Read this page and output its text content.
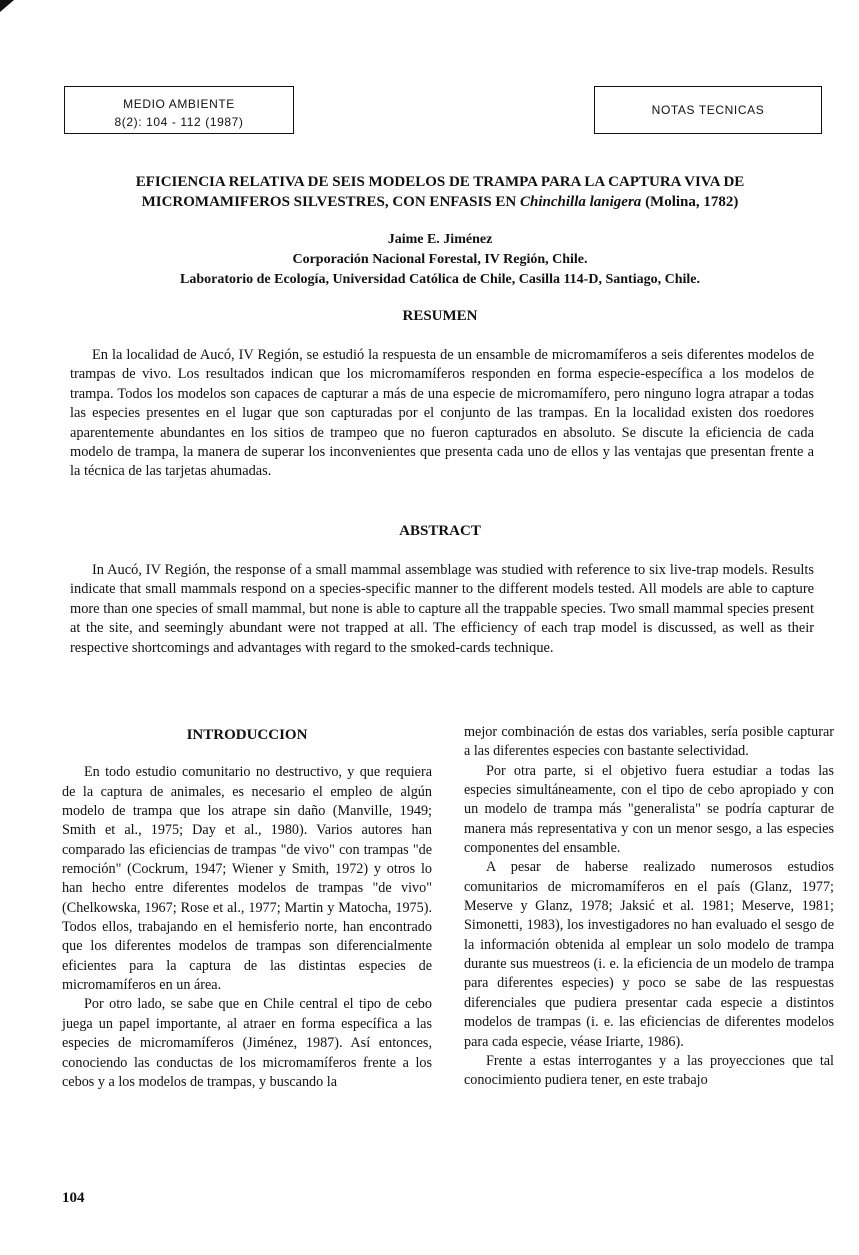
MEDIO AMBIENTE
8(2): 104 - 112 (1987)
NOTAS TECNICAS
EFICIENCIA RELATIVA DE SEIS MODELOS DE TRAMPA PARA LA CAPTURA VIVA DE
MICROMAMIFEROS SILVESTRES, CON ENFASIS EN Chinchilla lanigera (Molina, 1782)
Jaime E. Jiménez
Corporación Nacional Forestal, IV Región, Chile.
Laboratorio de Ecología, Universidad Católica de Chile, Casilla 114-D, Santiago, Chile.
RESUMEN

En la localidad de Aucó, IV Región, se estudió la respuesta de un ensamble de micromamíferos a seis diferentes modelos de trampas de vivo. Los resultados indican que los micromamíferos responden en forma especie-específica a los modelos de trampa. Todos los modelos son capaces de capturar a más de una especie de micromamífero, pero ninguno logra atrapar a todas las especies presentes en el lugar que son capturadas por el conjunto de las trampas. En la localidad existen dos roedores aparentemente abundantes en los sitios de trampeo que no fueron capturados en absoluto. Se discute la eficiencia de cada modelo de trampa, la manera de superar los inconvenientes que presenta cada uno de ellos y las ventajas que presentan frente a la técnica de las tarjetas ahumadas.

ABSTRACT

In Aucó, IV Región, the response of a small mammal assemblage was studied with reference to six live-trap models. Results indicate that small mammals respond on a species-specific manner to the different models tested. All models are able to capture more than one species of small mammal, but none is able to capture all the trappable species. Two small mammal species present at the site, and seemingly abundant were not trapped at all. The efficiency of each trap model is discussed, as well as their respective shortcomings and advantages with regard to the smoked-cards technique.

INTRODUCCION

En todo estudio comunitario no destructivo, y que requiera de la captura de animales, es necesario el empleo de algún modelo de trampa que los atrape sin daño (Manville, 1949; Smith et al., 1975; Day et al., 1980). Varios autores han comparado las eficiencias de trampas "de vivo" con trampas "de remoción" (Cockrum, 1947; Wiener y Smith, 1972) y otros lo han hecho entre diferentes modelos de trampas "de vivo" (Chelkowska, 1967; Rose et al., 1977; Martin y Matocha, 1975). Todos ellos, trabajando en el hemisferio norte, han encontrado que los diferentes modelos de trampas son diferencialmente eficientes para la captura de las distintas especies de micromamíferos en un área.

Por otro lado, se sabe que en Chile central el tipo de cebo juega un papel importante, al atraer en forma específica a las especies de micromamíferos (Jiménez, 1987). Así entonces, conociendo las conductas de los micromamíferos frente a los cebos y a los modelos de trampas, y buscando la

mejor combinación de estas dos variables, sería posible capturar a las diferentes especies con bastante selectividad.

Por otra parte, si el objetivo fuera estudiar a todas las especies simultáneamente, con el tipo de cebo apropiado y con un modelo de trampa más "generalista" se podría capturar de manera más representativa y con un menor sesgo, a las especies componentes del ensamble.

A pesar de haberse realizado numerosos estudios comunitarios de micromamíferos en el país (Glanz, 1977; Meserve y Glanz, 1978; Jaksić et al. 1981; Meserve, 1981; Simonetti, 1983), los investigadores no han evaluado el sesgo de la información obtenida al emplear un solo modelo de trampa durante sus muestreos (i. e. la eficiencia de un modelo de trampa para diferentes especies) y poco se sabe de las respuestas diferenciales que pudiera presentar cada especie a distintos modelos de trampas (i. e. las eficiencias de diferentes modelos para cada especie, véase Iriarte, 1986).

Frente a estas interrogantes y a las proyecciones que tal conocimiento pudiera tener, en este trabajo

104
